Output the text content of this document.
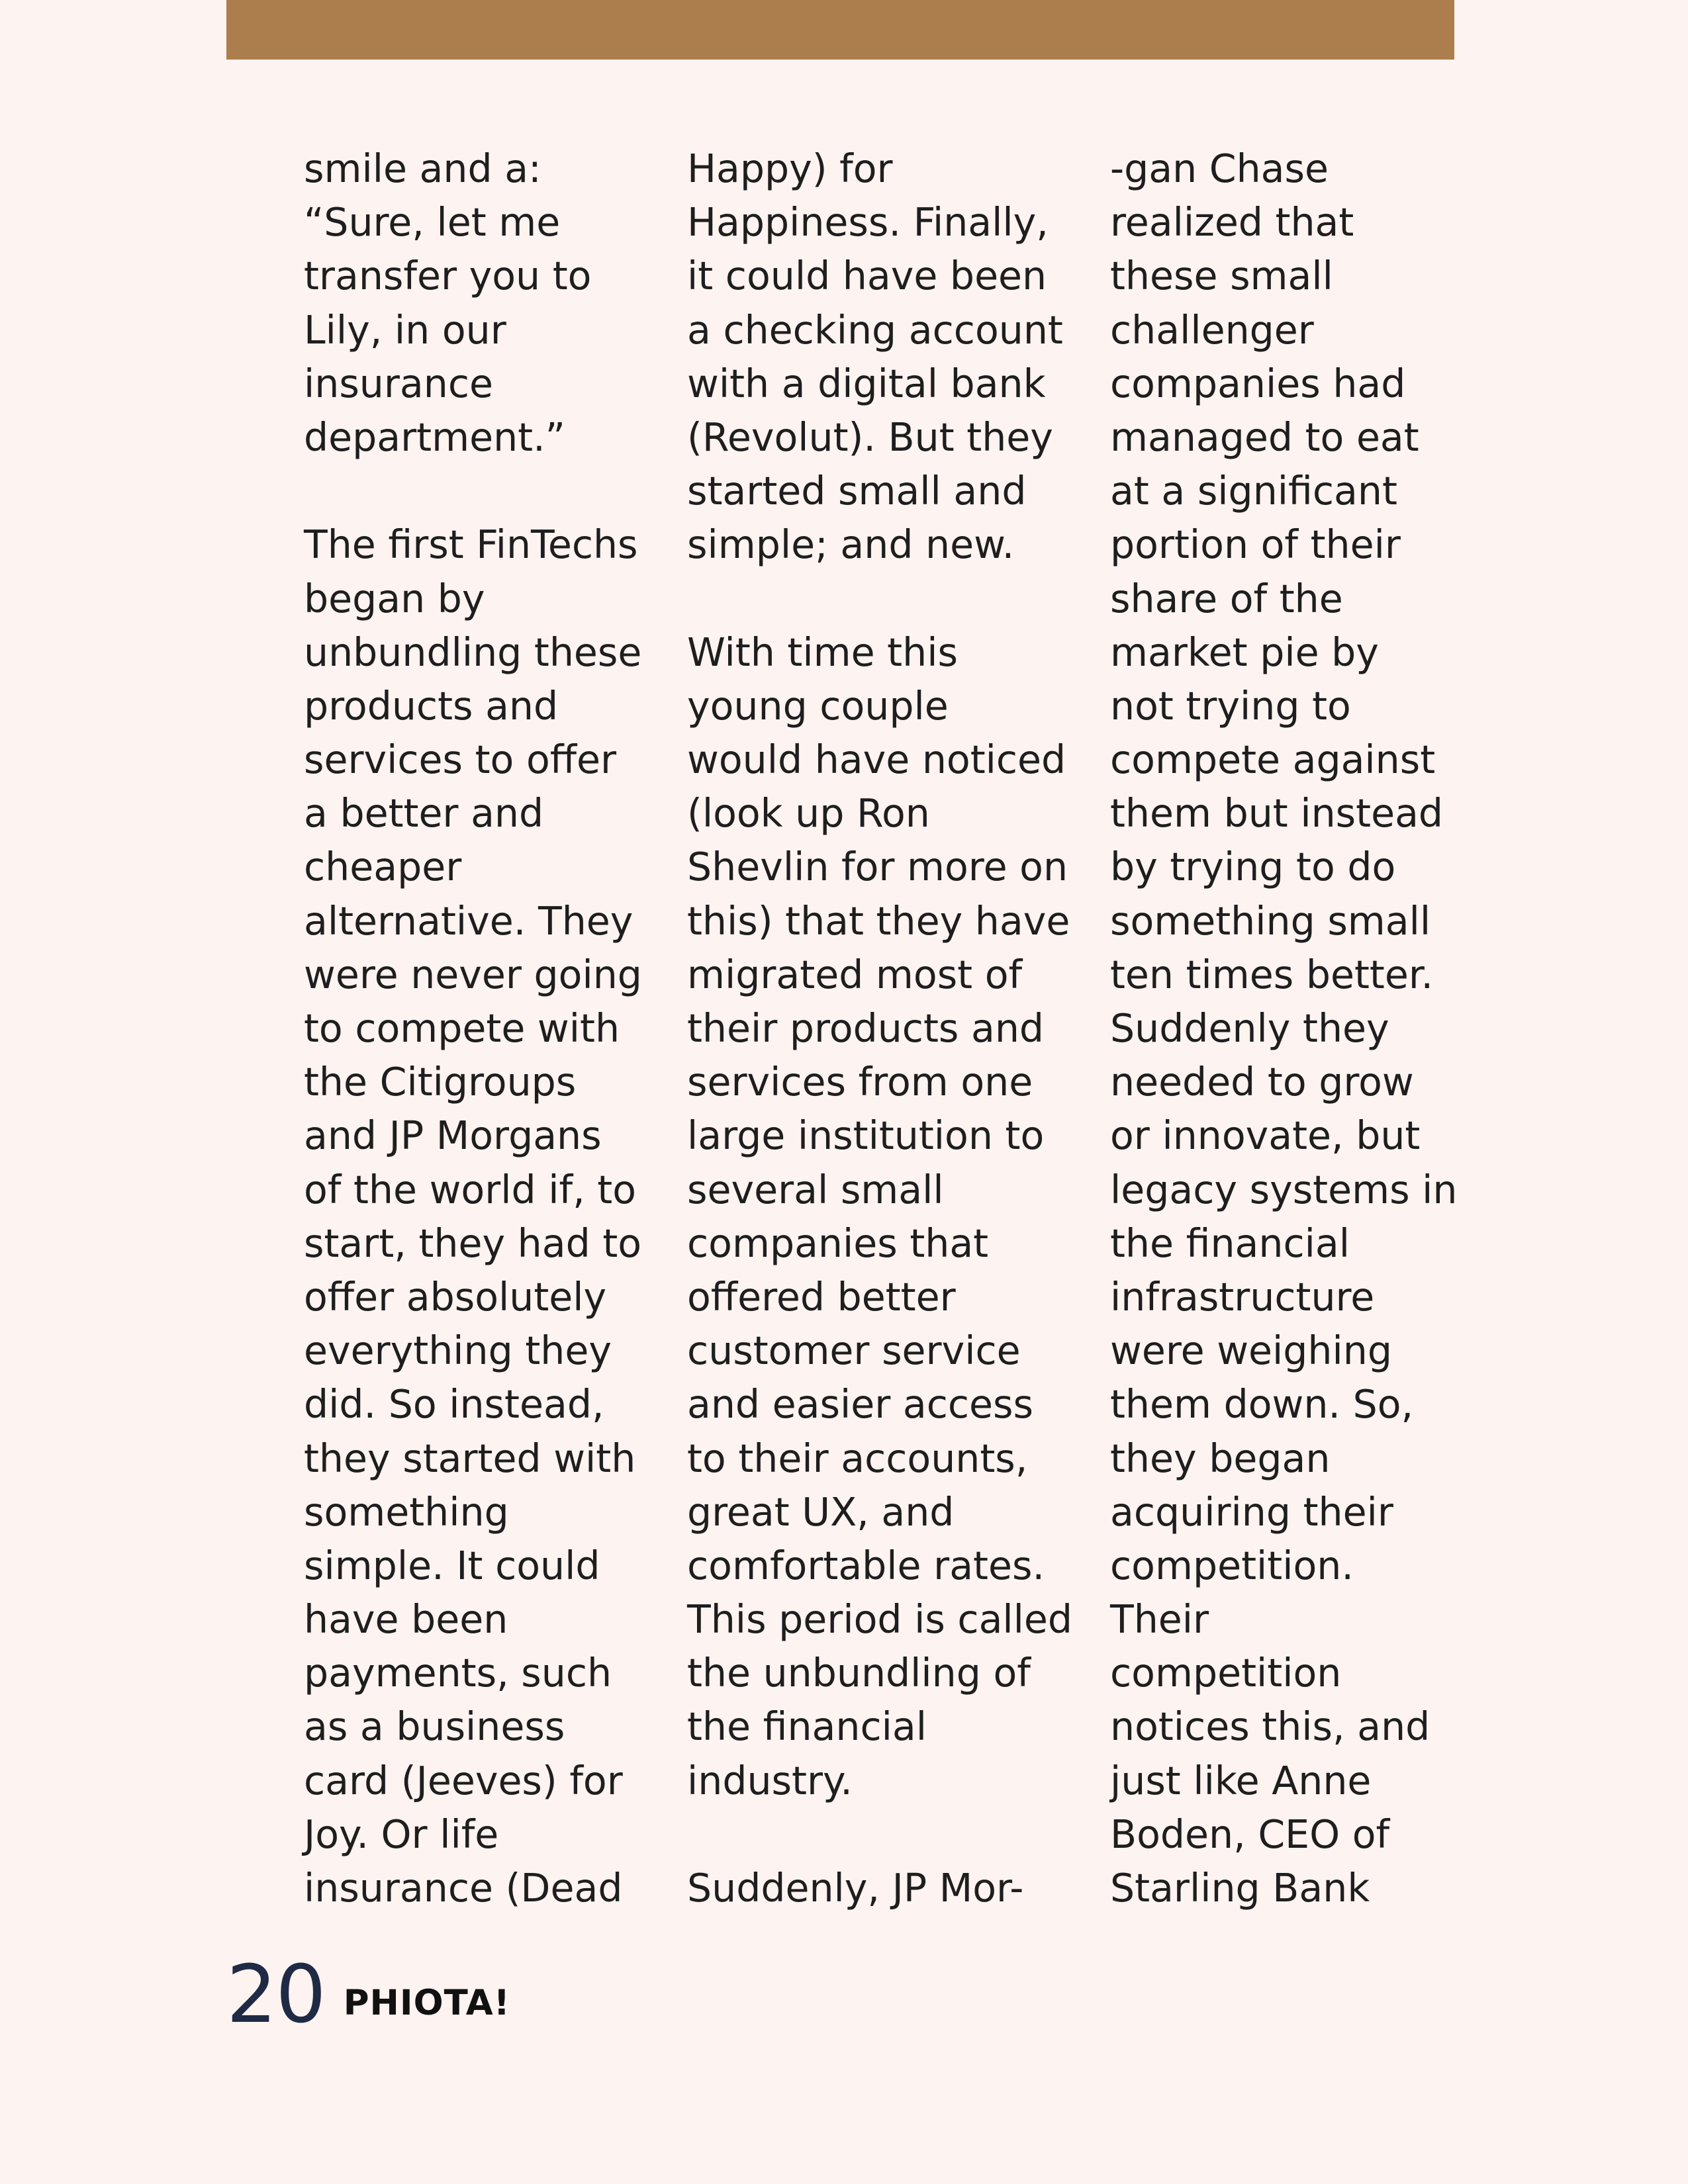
smile and a:
“Sure, let me
transfer you to
Lily, in our
insurance
department.”
The first FinTechs
began by
unbundling these
products and
services to offer
a better and
cheaper
alternative. They
were never going
to compete with
the Citigroups
and JP Morgans
of the world if, to
start, they had to
offer absolutely
everything they
did. So instead,
they started with
something
simple. It could
have been
payments, such
as a business
card (Jeeves) for
Joy. Or life
insurance (Dead
Happy) for
Happiness. Finally,
it could have been
a checking account
with a digital bank
(Revolut). But they
started small and
simple; and new.
With time this
young couple
would have noticed
(look up Ron
Shevlin for more on
this) that they have
migrated most of
their products and
services from one
large institution to
several small
companies that
offered better
customer service
and easier access
to their accounts,
great UX, and
comfortable rates.
This period is called
the unbundling of
the financial
industry.
Suddenly, JP Mor-
-gan Chase
realized that
these small
challenger
companies had
managed to eat
at a significant
portion of their
share of the
market pie by
not trying to
compete against
them but instead
by trying to do
something small
ten times better.
Suddenly they
needed to grow
or innovate, but
legacy systems in
the financial
infrastructure
were weighing
them down. So,
they began
acquiring their
competition.
Their
competition
notices this, and
just like Anne
Boden, CEO of
Starling Bank
20 PHIOTA!
